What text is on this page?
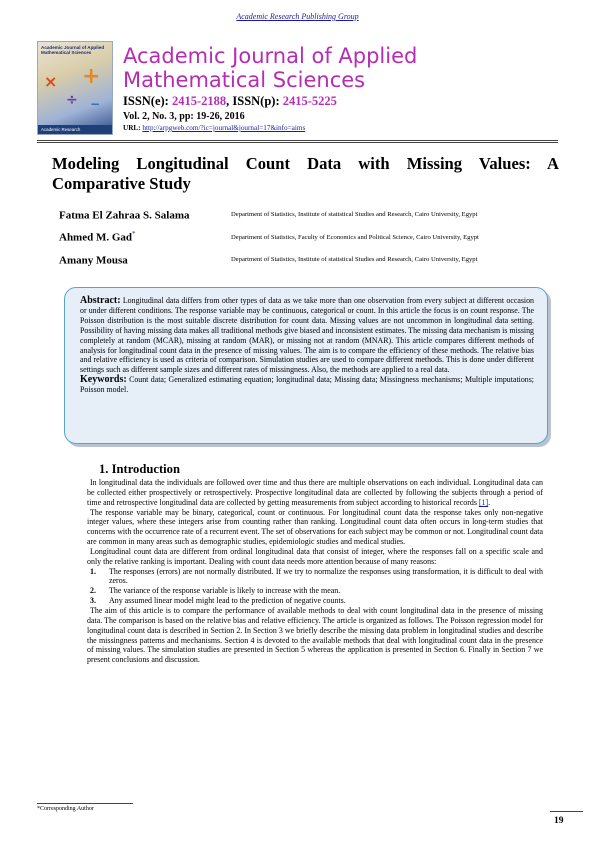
Academic Research Publishing Group
Academic Journal of Applied Mathematical Sciences
× +
÷ −
Academic Research
Academic Journal of Applied Mathematical Sciences
ISSN(e): 2415-2188, ISSN(p): 2415-5225
Vol. 2, No. 3, pp: 19-26, 2016
URL: http://arpgweb.com/?ic=journal&journal=17&info=aims
Modeling Longitudinal Count Data with Missing Values: A Comparative Study
Fatma El Zahraa S. Salama	Department of Statistics, Institute of statistical Studies and Research, Cairo University, Egypt
Ahmed M. Gad*	Department of Statistics, Faculty of Economics and Political Science, Cairo University, Egypt
Amany Mousa	Department of Statistics, Institute of statistical Studies and Research, Cairo University, Egypt
Abstract: Longitudinal data differs from other types of data as we take more than one observation from every subject at different occasion or under different conditions. The response variable may be continuous, categorical or count. In this article the focus is on count response. The Poisson distribution is the most suitable discrete distribution for count data. Missing values are not uncommon in longitudinal data setting. Possibility of having missing data makes all traditional methods give biased and inconsistent estimates. The missing data mechanism is missing completely at random (MCAR), missing at random (MAR), or missing not at random (MNAR). This article compares different methods of analysis for longitudinal count data in the presence of missing values. The aim is to compare the efficiency of these methods. The relative bias and relative efficiency is used as criteria of comparison. Simulation studies are used to compare different methods. This is done under different settings such as different sample sizes and different rates of missingness. Also, the methods are applied to a real data.
Keywords: Count data; Generalized estimating equation; longitudinal data; Missing data; Missingness mechanisms; Multiple imputations; Poisson model.
1. Introduction

In longitudinal data the individuals are followed over time and thus there are multiple observations on each individual. Longitudinal data can be collected either prospectively or retrospectively. Prospective longitudinal data are collected by following the subjects through a period of time and retrospective longitudinal data are collected by getting measurements from subject according to historical records [1].

The response variable may be binary, categorical, count or continuous. For longitudinal count data the response takes only non-negative integer values, where these integers arise from counting rather than ranking. Longitudinal count data often occurs in long-term studies that concerns with the occurrence rate of a recurrent event. The set of observations for each subject may be common or not. Longitudinal count data are common in many areas such as demographic studies, epidemiologic studies and medical studies.

Longitudinal count data are different from ordinal longitudinal data that consist of integer, where the responses fall on a specific scale and only the relative ranking is important. Dealing with count data needs more attention because of many reasons:

1. The responses (errors) are not normally distributed. If we try to normalize the responses using transformation, it is difficult to deal with zeros.
2. The variance of the response variable is likely to increase with the mean.
3. Any assumed linear model might lead to the prediction of negative counts.

The aim of this article is to compare the performance of available methods to deal with count longitudinal data in the presence of missing data. The comparison is based on the relative bias and relative efficiency. The article is organized as follows. The Poisson regression model for longitudinal count data is described in Section 2. In Section 3 we briefly describe the missing data problem in longitudinal studies and describe the missingness patterns and mechanisms. Section 4 is devoted to the available methods that deal with longitudinal count data in the presence of missing values. The simulation studies are presented in Section 5 whereas the application is presented in Section 6. Finally in Section 7 we present conclusions and discussion.

*Corresponding Author
19
